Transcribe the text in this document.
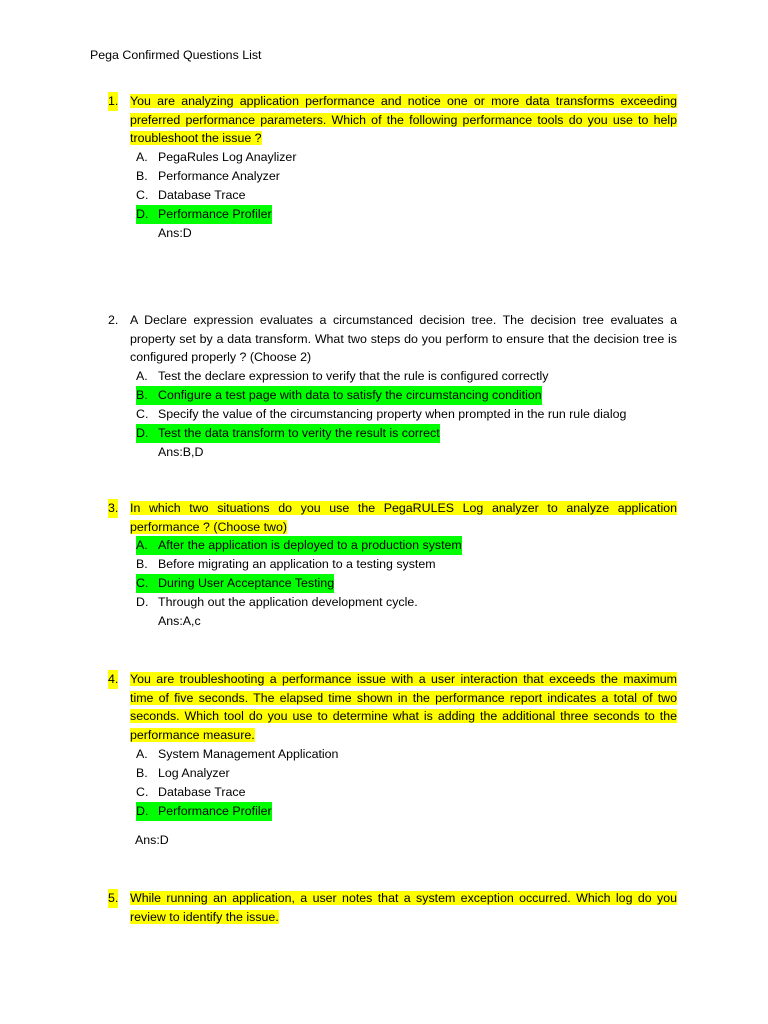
Pega Confirmed Questions List
1. You are analyzing application performance and notice one or more data transforms exceeding preferred performance parameters. Which of the following performance tools do you use to help troubleshoot the issue ?
A. PegaRules Log Anaylizer
B. Performance Analyzer
C. Database Trace
D. Performance Profiler
Ans:D
2. A Declare expression evaluates a circumstanced decision tree. The decision tree evaluates a property set by a data transform. What two steps do you perform to ensure that the decision tree is configured properly ? (Choose 2)
A. Test the declare expression to verify that the rule is configured correctly
B. Configure a test page with data to satisfy the circumstancing condition
C. Specify the value of the circumstancing property when prompted in the run rule dialog
D. Test the data transform to verity the result is correct
Ans:B,D
3. In which two situations do you use the PegaRULES Log analyzer to analyze application performance ? (Choose two)
A. After the application is deployed to a production system
B. Before migrating an application to a testing system
C. During User Acceptance Testing
D. Through out the application development cycle.
Ans:A,c
4. You are troubleshooting a performance issue with a user interaction that exceeds the maximum time of five seconds. The elapsed time shown in the performance report indicates a total of two seconds. Which tool do you use to determine what is adding the additional three seconds to the performance measure.
A. System Management Application
B. Log Analyzer
C. Database Trace
D. Performance Profiler
Ans:D
5. While running an application, a user notes that a system exception occurred. Which log do you review to identify the issue.
